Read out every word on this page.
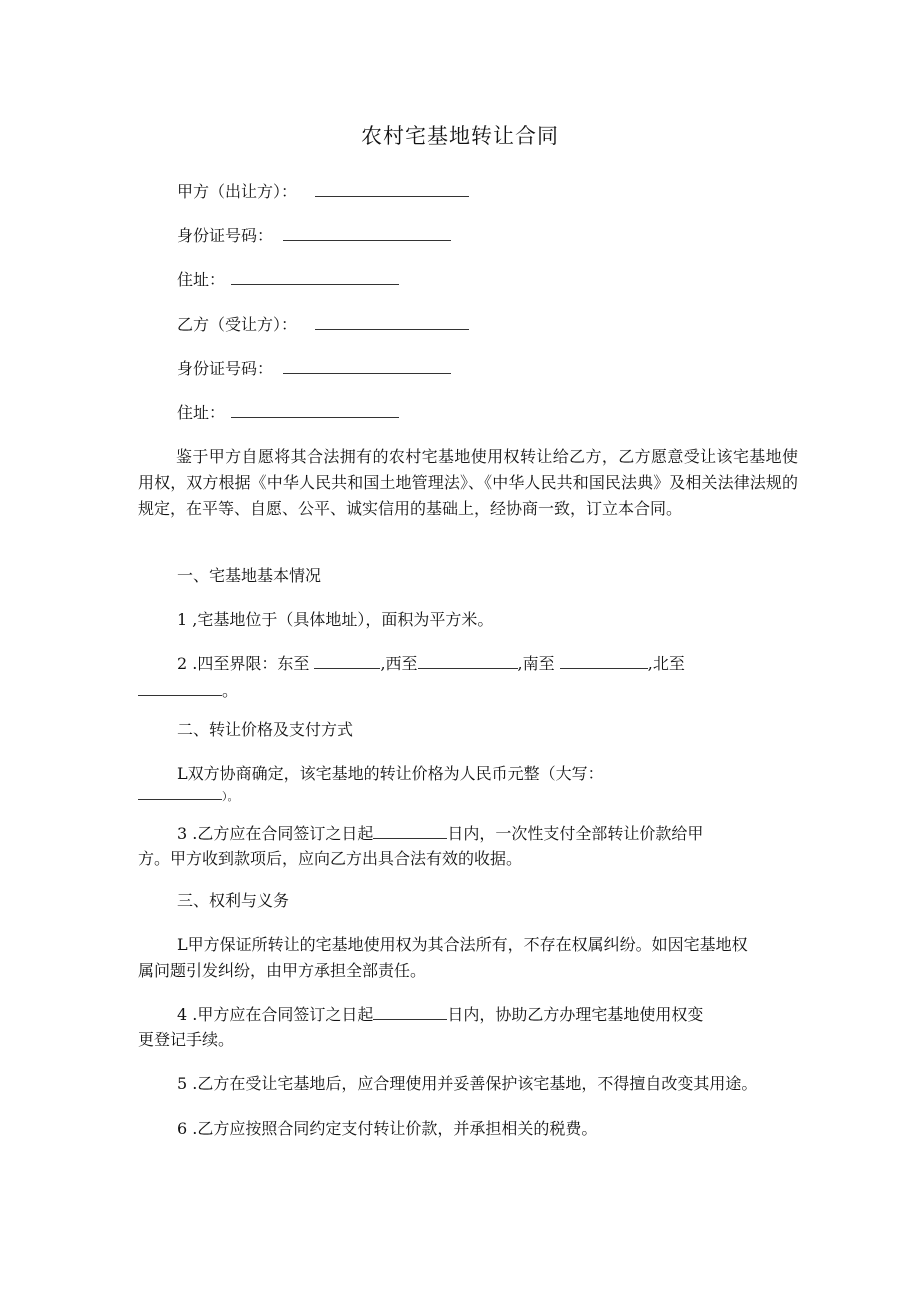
农村宅基地转让合同
甲方（出让方）：
身份证号码：
住址：
乙方（受让方）：
身份证号码：
住址：
鉴于甲方自愿将其合法拥有的农村宅基地使用权转让给乙方，乙方愿意受让该宅基地使用权，双方根据《中华人民共和国土地管理法》、《中华人民共和国民法典》及相关法律法规的规定，在平等、自愿、公平、诚实信用的基础上，经协商一致，订立本合同。
一、宅基地基本情况
1 ,宅基地位于（具体地址），面积为平方米。
2 .四至界限：东至	,西至	,南至	,北至
。
二、转让价格及支付方式
L双方协商确定，该宅基地的转让价格为人民币元整（大写：
）。
3 .乙方应在合同签订之日起	日内，一次性支付全部转让价款给甲
方。甲方收到款项后，应向乙方出具合法有效的收据。
三、权利与义务
L甲方保证所转让的宅基地使用权为其合法所有，不存在权属纠纷。如因宅基地权
属问题引发纠纷，由甲方承担全部责任。
4 .甲方应在合同签订之日起	日内，协助乙方办理宅基地使用权变
更登记手续。
5 .乙方在受让宅基地后，应合理使用并妥善保护该宅基地，不得擅自改变其用途。
6 .乙方应按照合同约定支付转让价款，并承担相关的税费。
